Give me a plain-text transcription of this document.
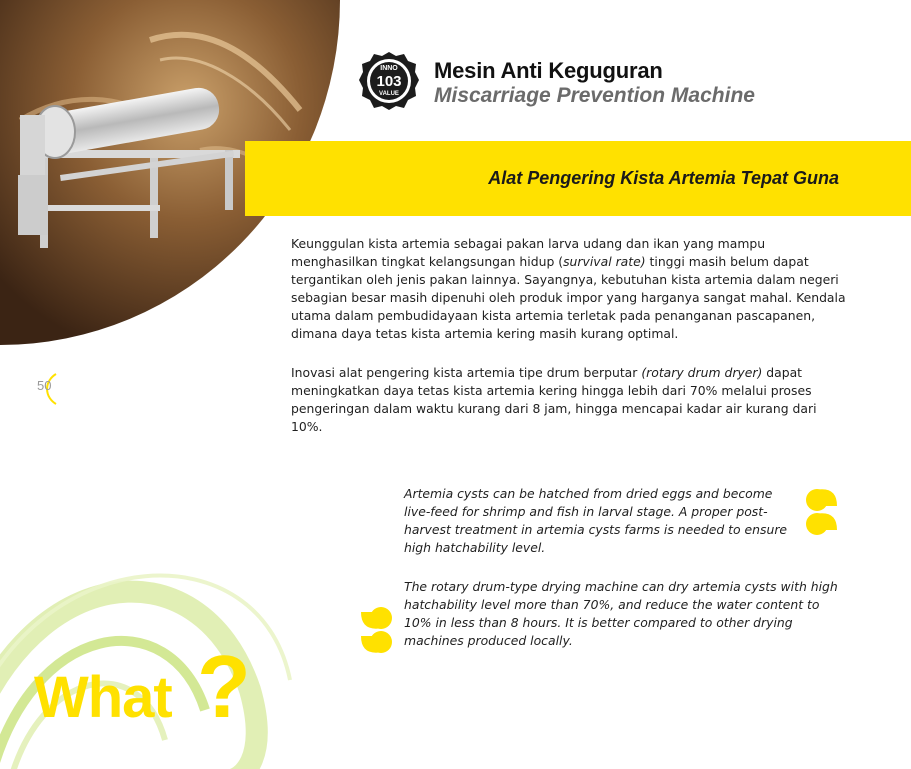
INNO
103
VALUE
Mesin Anti Keguguran
Miscarriage Prevention Machine
Alat Pengering Kista Artemia Tepat Guna
Keunggulan kista artemia sebagai pakan larva udang dan ikan yang mampu menghasilkan tingkat kelangsungan hidup (survival rate) tinggi masih belum dapat tergantikan oleh jenis pakan lainnya. Sayangnya, kebutuhan kista artemia dalam negeri sebagian besar masih dipenuhi oleh produk impor yang harganya sangat mahal. Kendala utama dalam pembudidayaan kista artemia terletak pada penanganan pascapanen, dimana daya tetas kista artemia kering masih kurang optimal.
Inovasi alat pengering kista artemia tipe drum berputar (rotary drum dryer) dapat meningkatkan daya tetas kista artemia kering hingga lebih dari 70% melalui proses pengeringan dalam waktu kurang dari 8 jam, hingga mencapai kadar air kurang dari 10%.
50
Artemia cysts can be hatched from dried eggs and become live-feed for shrimp and fish in larval stage. A proper post-harvest treatment in artemia cysts farms is needed to ensure high hatchability level.
The rotary drum-type drying machine can dry artemia cysts with high hatchability level more than 70%, and reduce the water content to 10% in less than 8 hours. It is better compared to other drying machines produced locally.
What ?
